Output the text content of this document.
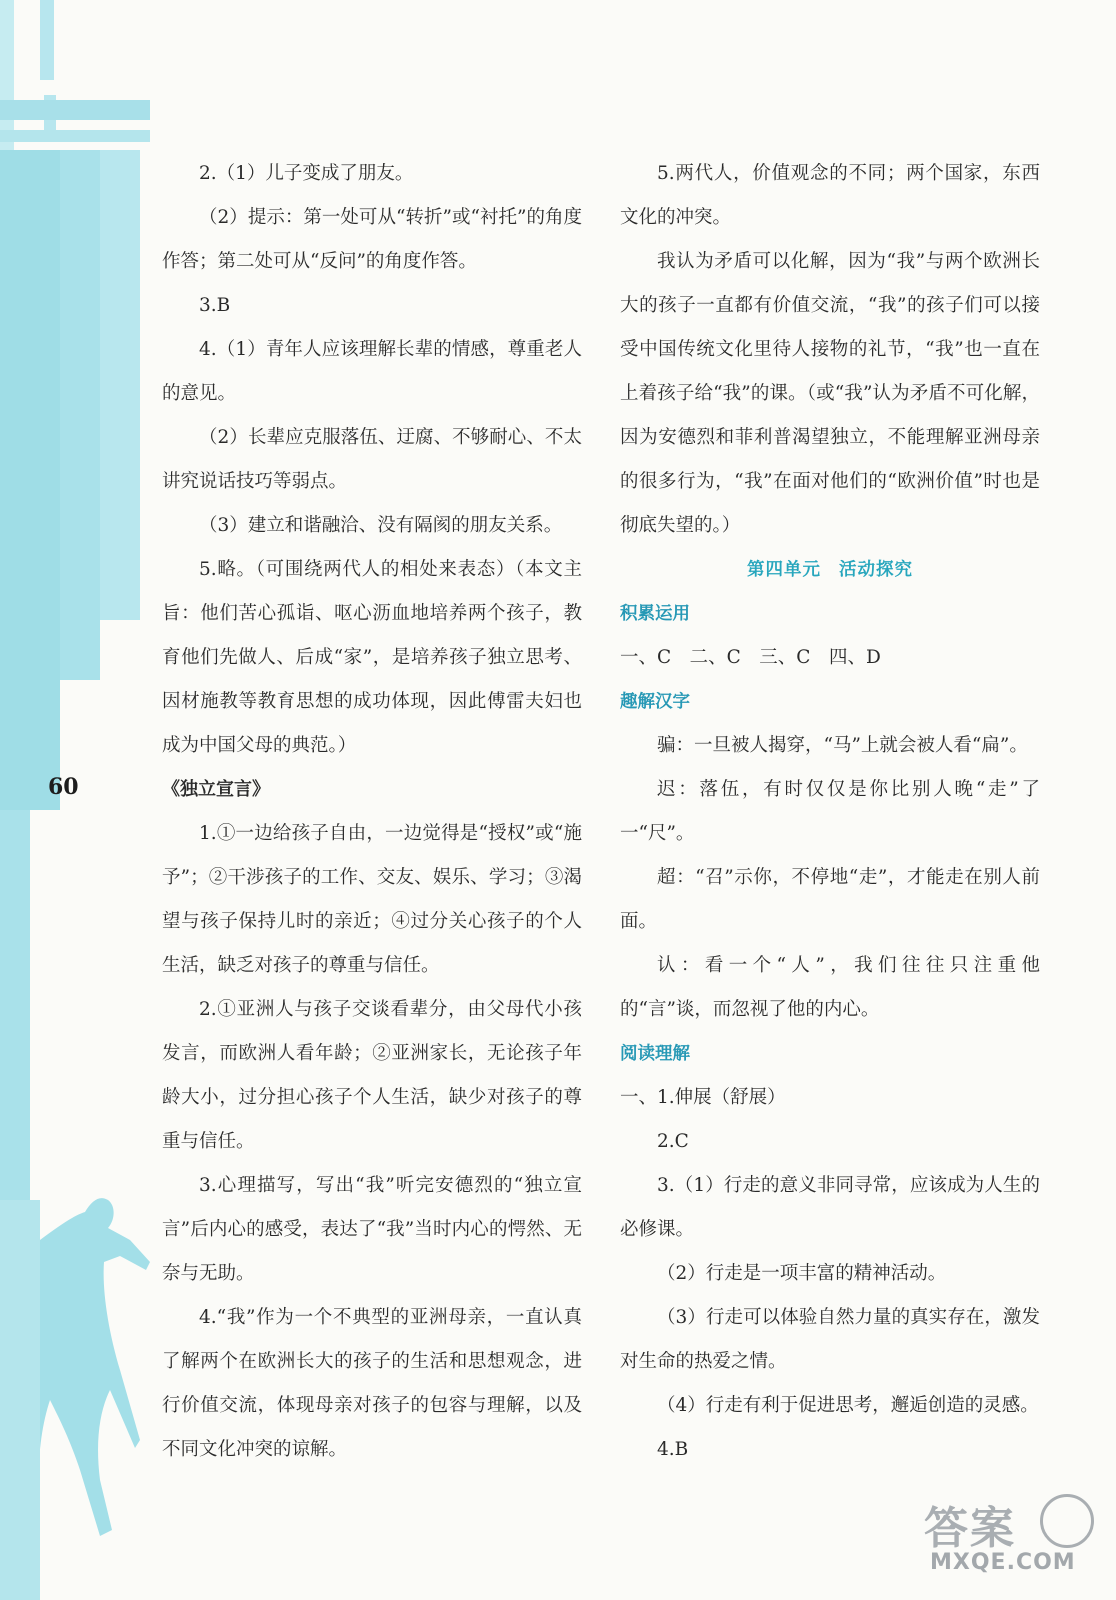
60

2.（1）儿子变成了朋友。

（2）提示：第一处可从“转折”或“衬托”的角度作答；第二处可从“反问”的角度作答。

3.B

4.（1）青年人应该理解长辈的情感，尊重老人的意见。

（2）长辈应克服落伍、迂腐、不够耐心、不太讲究说话技巧等弱点。

（3）建立和谐融洽、没有隔阂的朋友关系。

5.略。（可围绕两代人的相处来表态）（本文主旨：他们苦心孤诣、呕心沥血地培养两个孩子，教育他们先做人、后成“家”，是培养孩子独立思考、因材施教等教育思想的成功体现，因此傅雷夫妇也成为中国父母的典范。）

《独立宣言》

1.①一边给孩子自由，一边觉得是“授权”或“施予”；②干涉孩子的工作、交友、娱乐、学习；③渴望与孩子保持儿时的亲近；④过分关心孩子的个人生活，缺乏对孩子的尊重与信任。

2.①亚洲人与孩子交谈看辈分，由父母代小孩发言，而欧洲人看年龄；②亚洲家长，无论孩子年龄大小，过分担心孩子个人生活，缺少对孩子的尊重与信任。

3.心理描写，写出“我”听完安德烈的“独立宣言”后内心的感受，表达了“我”当时内心的愕然、无奈与无助。

4.“我”作为一个不典型的亚洲母亲，一直认真了解两个在欧洲长大的孩子的生活和思想观念，进行价值交流，体现母亲对孩子的包容与理解，以及不同文化冲突的谅解。

5.两代人，价值观念的不同；两个国家，东西文化的冲突。

我认为矛盾可以化解，因为“我”与两个欧洲长大的孩子一直都有价值交流，“我”的孩子们可以接受中国传统文化里待人接物的礼节，“我”也一直在上着孩子给“我”的课。（或“我”认为矛盾不可化解，因为安德烈和菲利普渴望独立，不能理解亚洲母亲的很多行为，“我”在面对他们的“欧洲价值”时也是彻底失望的。）

第四单元 活动探究

积累运用

一、C　二、C　三、C　四、D

趣解汉字

骗：一旦被人揭穿，“马”上就会被人看“扁”。

迟：落伍，有时仅仅是你比别人晚“走”了一“尺”。

超：“召”示你，不停地“走”，才能走在别人前面。

认：看一个“人”，我们往往只注重他的“言”谈，而忽视了他的内心。

阅读理解

一、1.伸展（舒展）

2.C

3.（1）行走的意义非同寻常，应该成为人生的必修课。

（2）行走是一项丰富的精神活动。

（3）行走可以体验自然力量的真实存在，激发对生命的热爱之情。

（4）行走有利于促进思考，邂逅创造的灵感。

4.B

答案
MXQE.COM
